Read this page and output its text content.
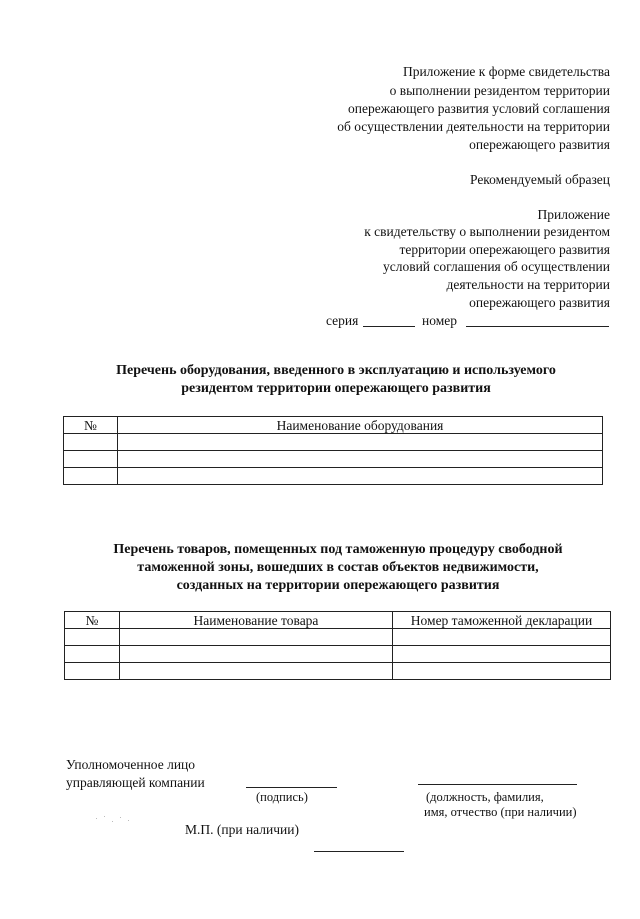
Приложение к форме свидетельства
о выполнении резидентом территории
опережающего развития условий соглашения
об осуществлении деятельности на территории
опережающего развития
Рекомендуемый образец
Приложение
к свидетельству о выполнении резидентом
территории опережающего развития
условий соглашения об осуществлении
деятельности на территории
опережающего развития
серия	номер
Перечень оборудования, введенного в эксплуатацию и используемого
резидентом территории опережающего развития
№	Наименование оборудования

Перечень товаров, помещенных под таможенную процедуру свободной
таможенной зоны, вошедших в состав объектов недвижимости,
созданных на территории опережающего развития
№	Наименование товара	Номер таможенной декларации

Уполномоченное лицо
управляющей компании
(подпись)	(должность, фамилия,
имя, отчество (при наличии)
М.П. (при наличии)
